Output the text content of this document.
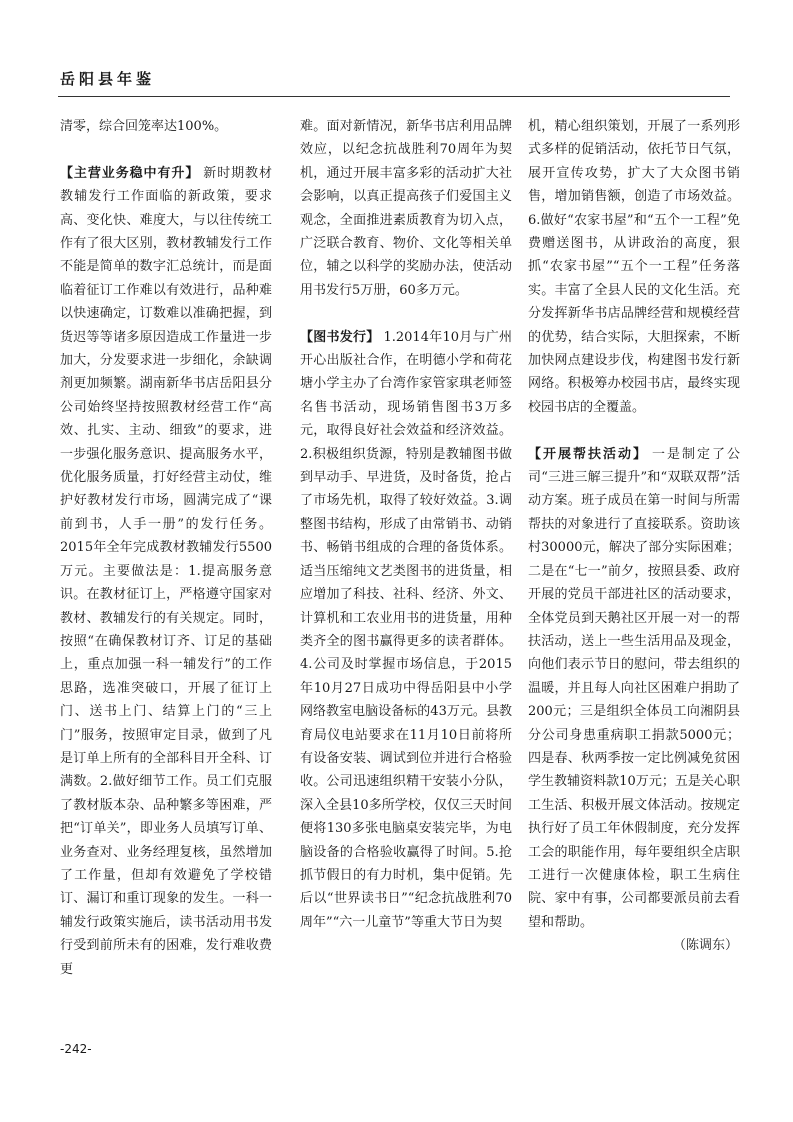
岳阳县年鉴

清零，综合回笼率达100%。

【主营业务稳中有升】 新时期教材教辅发行工作面临的新政策，要求高、变化快、难度大，与以往传统工作有了很大区别，教材教辅发行工作不能是简单的数字汇总统计，而是面临着征订工作难以有效进行，品种难以快速确定，订数难以准确把握，到货迟等等诸多原因造成工作量进一步加大，分发要求进一步细化，余缺调剂更加频繁。湖南新华书店岳阳县分公司始终坚持按照教材经营工作“高效、扎实、主动、细致”的要求，进一步强化服务意识、提高服务水平，优化服务质量，打好经营主动仗，维护好教材发行市场，圆满完成了“课前到书，人手一册”的发行任务。2015年全年完成教材教辅发行5500万元。主要做法是：1.提高服务意识。在教材征订上，严格遵守国家对教材、教辅发行的有关规定。同时，按照“在确保教材订齐、订足的基础上，重点加强一科一辅发行”的工作思路，选准突破口，开展了征订上门、送书上门、结算上门的“三上门”服务，按照审定目录，做到了凡是订单上所有的全部科目开全科、订满数。2.做好细节工作。员工们克服了教材版本杂、品种繁多等困难，严把“订单关”，即业务人员填写订单、业务查对、业务经理复核，虽然增加了工作量，但却有效避免了学校错订、漏订和重订现象的发生。一科一辅发行政策实施后，读书活动用书发行受到前所未有的困难，发行难收费更

难。面对新情况，新华书店利用品牌效应，以纪念抗战胜利70周年为契机，通过开展丰富多彩的活动扩大社会影响，以真正提高孩子们爱国主义观念，全面推进素质教育为切入点，广泛联合教育、物价、文化等相关单位，辅之以科学的奖励办法，使活动用书发行5万册，60多万元。

【图书发行】 1.2014年10月与广州开心出版社合作，在明德小学和荷花塘小学主办了台湾作家管家琪老师签名售书活动，现场销售图书3万多元，取得良好社会效益和经济效益。2.积极组织货源，特别是教辅图书做到早动手、早进货，及时备货，抢占了市场先机，取得了较好效益。3.调整图书结构，形成了由常销书、动销书、畅销书组成的合理的备货体系。适当压缩纯文艺类图书的进货量，相应增加了科技、社科、经济、外文、计算机和工农业用书的进货量，用种类齐全的图书赢得更多的读者群体。4.公司及时掌握市场信息，于2015年10月27日成功中得岳阳县中小学网络教室电脑设备标的43万元。县教育局仪电站要求在11月10日前将所有设备安装、调试到位并进行合格验收。公司迅速组织精干安装小分队，深入全县10多所学校，仅仅三天时间便将130多张电脑桌安装完毕，为电脑设备的合格验收赢得了时间。5.抢抓节假日的有力时机，集中促销。先后以“世界读书日”“纪念抗战胜利70周年”“六一儿童节”等重大节日为契

机，精心组织策划，开展了一系列形式多样的促销活动，依托节日气氛，展开宣传攻势，扩大了大众图书销售，增加销售额，创造了市场效益。6.做好“农家书屋”和“五个一工程”免费赠送图书，从讲政治的高度，狠抓“农家书屋”“五个一工程”任务落实。丰富了全县人民的文化生活。充分发挥新华书店品牌经营和规模经营的优势，结合实际，大胆探索，不断加快网点建设步伐，构建图书发行新网络。积极筹办校园书店，最终实现校园书店的全覆盖。

【开展帮扶活动】 一是制定了公司“三进三解三提升”和“双联双帮”活动方案。班子成员在第一时间与所需帮扶的对象进行了直接联系。资助该村30000元，解决了部分实际困难；二是在“七一”前夕，按照县委、政府开展的党员干部进社区的活动要求，全体党员到天鹅社区开展一对一的帮扶活动，送上一些生活用品及现金，向他们表示节日的慰问，带去组织的温暖，并且每人向社区困难户捐助了200元；三是组织全体员工向湘阴县分公司身患重病职工捐款5000元；四是春、秋两季按一定比例减免贫困学生教辅资料款10万元；五是关心职工生活、积极开展文体活动。按规定执行好了员工年休假制度，充分发挥工会的职能作用，每年要组织全店职工进行一次健康体检，职工生病住院、家中有事，公司都要派员前去看望和帮助。

（陈调东）

-242-
